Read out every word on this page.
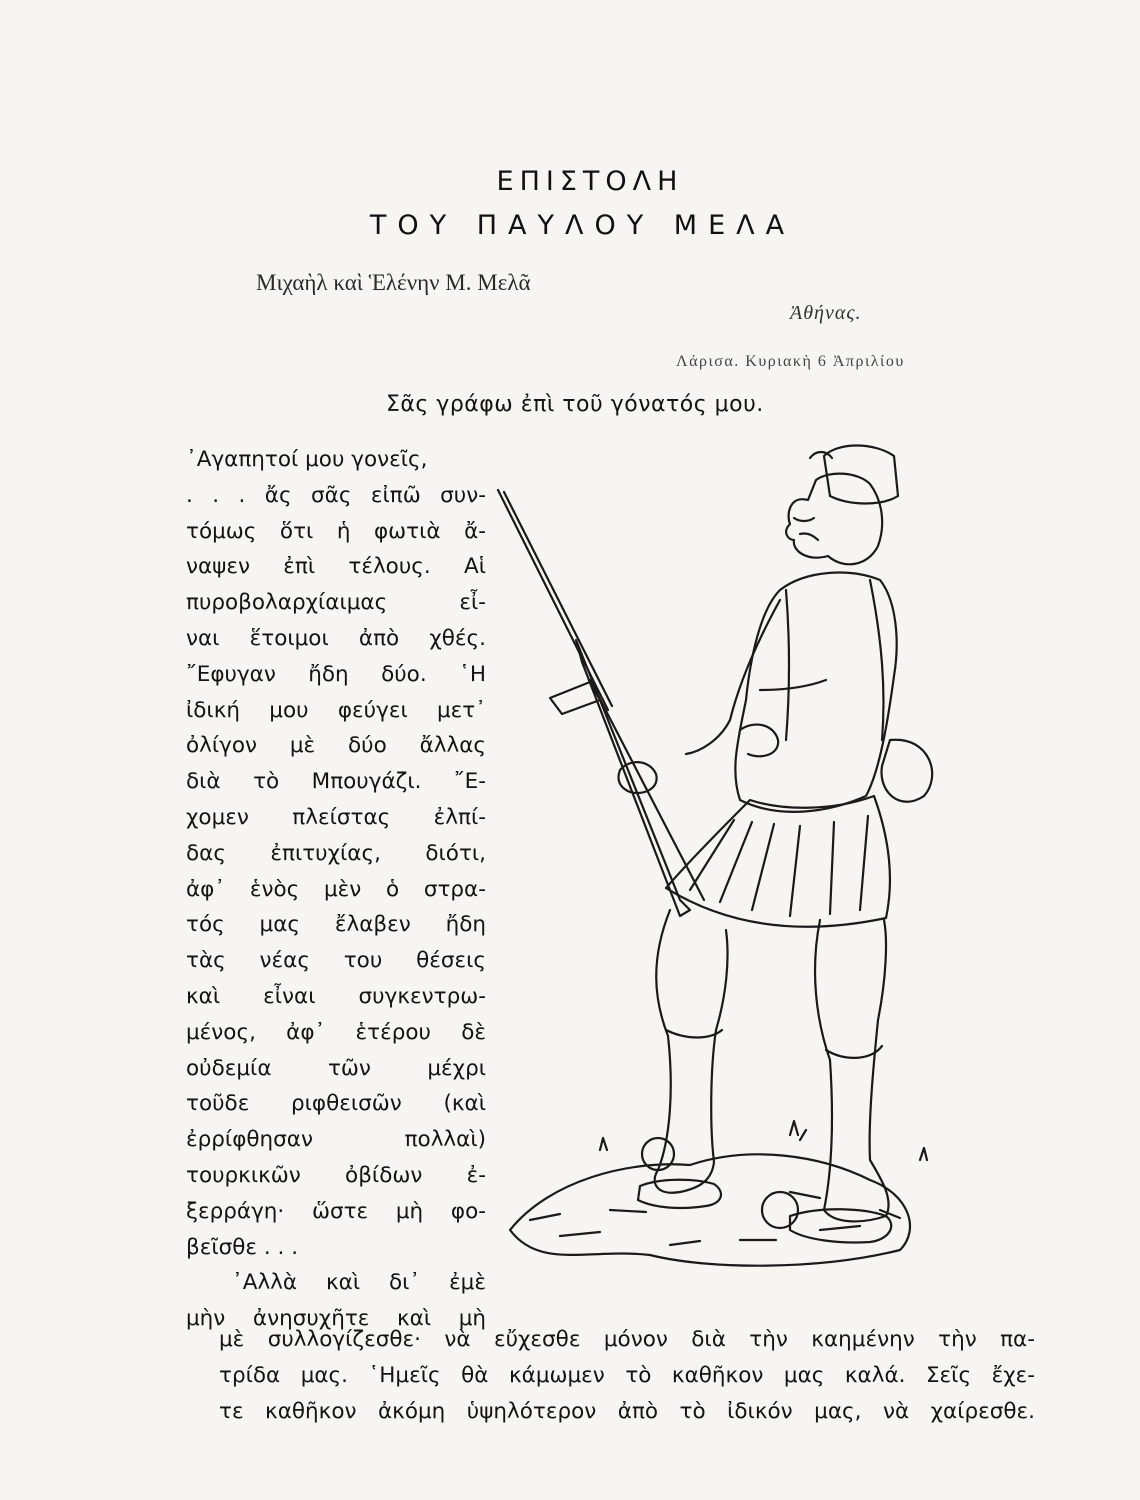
ΕΠΙΣΤΟΛΗ
ΤΟΥ ΠΑΥΛΟΥ ΜΕΛΑ
Μιχαὴλ καὶ Ἑλένην Μ. Μελᾶ
Ἀθήνας.
Λάρισα. Κυριακὴ 6 Ἀπριλίου
Σᾶς γράφω ἐπὶ τοῦ γόνατός μου.
᾿Αγαπητοί μου γονεῖς,
. . . ἄς σᾶς εἰπῶ συν-
τόμως ὅτι ἡ φωτιὰ ἄ-
ναψεν ἐπὶ τέλους. Αἱ
πυροβολαρχίαιμας εἶ-
ναι ἕτοιμοι ἀπὸ χθές.
῎Εφυγαν ἤδη δύο. ῾Η
ἰδική μου φεύγει μετ᾿
ὀλίγον μὲ δύο ἄλλας
διὰ τὸ Μπουγάζι. ῎Ε-
χομεν πλείστας ἐλπί-
δας ἐπιτυχίας, διότι,
ἀφ᾿ ἑνὸς μὲν ὁ στρα-
τός μας ἔλαβεν ἤδη
τὰς νέας του θέσεις
καὶ εἶναι συγκεντρω-
μένος, ἀφ᾿ ἑτέρου δὲ
οὐδεμία τῶν μέχρι
τοῦδε ριφθεισῶν (καὶ
ἐρρίφθησαν πολλαὶ)
τουρκικῶν ὀβίδων ἐ-
ξερράγη· ὥστε μὴ φο-
βεῖσθε . . .
᾿Αλλὰ καὶ δι᾿ ἐμὲ
μὴν ἀνησυχῆτε καὶ μὴ
μὲ συλλογίζεσθε· νὰ εὔχεσθε μόνον διὰ τὴν καημένην τὴν πα-
τρίδα μας. ῾Ημεῖς θὰ κάμωμεν τὸ καθῆκον μας καλά. Σεῖς ἔχε-
τε καθῆκον ἀκόμη ὑψηλότερον ἀπὸ τὸ ἰδικόν μας, νὰ χαίρεσθε.
